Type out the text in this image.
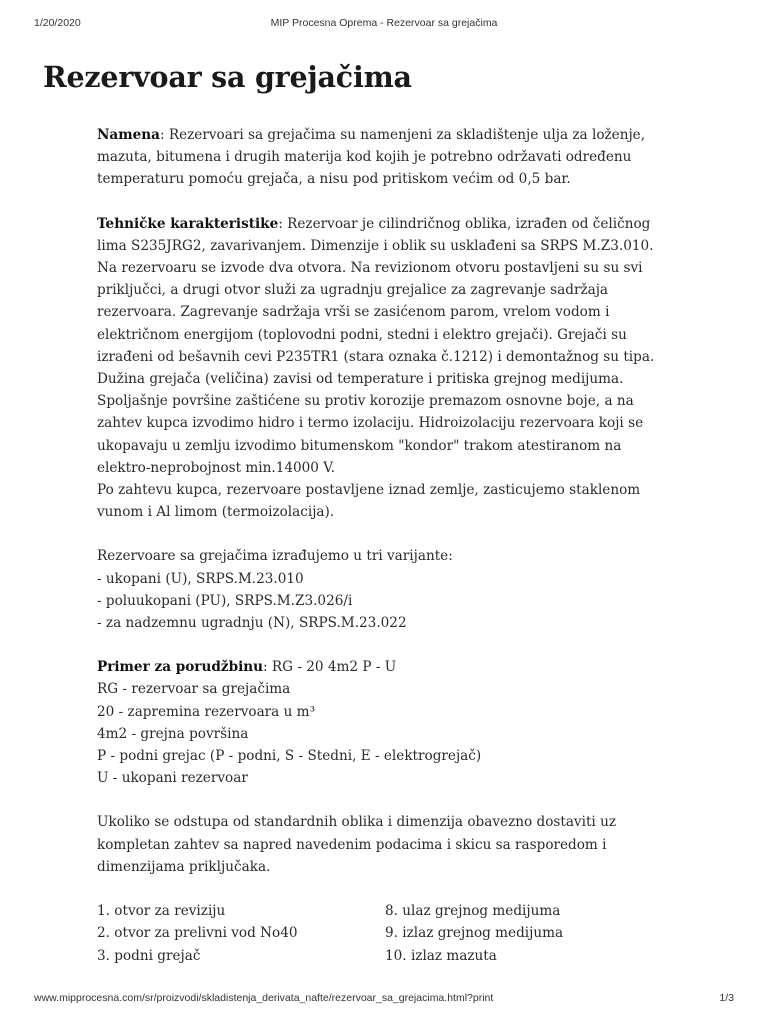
1/20/2020	MIP Procesna Oprema - Rezervoar sa grejačima
Rezervoar sa grejačima

Namena: Rezervoari sa grejačima su namenjeni za skladištenje ulja za loženje,
mazuta, bitumena i drugih materija kod kojih je potrebno održavati određenu
temperaturu pomoću grejača, a nisu pod pritiskom većim od 0,5 bar.

Tehničke karakteristike: Rezervoar je cilindričnog oblika, izrađen od čeličnog
lima S235JRG2, zavarivanjem. Dimenzije i oblik su usklađeni sa SRPS M.Z3.010.
Na rezervoaru se izvode dva otvora. Na revizionom otvoru postavljeni su su svi
priključci, a drugi otvor služi za ugradnju grejalice za zagrevanje sadržaja
rezervoara. Zagrevanje sadržaja vrši se zasićenom parom, vrelom vodom i
električnom energijom (toplovodni podni, stedni i elektro grejači). Grejači su
izrađeni od bešavnih cevi P235TR1 (stara oznaka č.1212) i demontažnog su tipa.
Dužina grejača (veličina) zavisi od temperature i pritiska grejnog medijuma.
Spoljašnje površine zaštićene su protiv korozije premazom osnovne boje, a na
zahtev kupca izvodimo hidro i termo izolaciju. Hidroizolaciju rezervoara koji se
ukopavaju u zemlju izvodimo bitumenskom "kondor" trakom atestiranom na
elektro-neprobojnost min.14000 V.
Po zahtevu kupca, rezervoare postavljene iznad zemlje, zasticujemo staklenom
vunom i Al limom (termoizolacija).

Rezervoare sa grejačima izrađujemo u tri varijante:
- ukopani (U), SRPS.M.23.010
- poluukopani (PU), SRPS.M.Z3.026/i
- za nadzemnu ugradnju (N), SRPS.M.23.022

Primer za porudžbinu: RG - 20 4m2 P - U
RG - rezervoar sa grejačima
20 - zapremina rezervoara u m³
4m2 - grejna površina
P - podni grejac (P - podni, S - Stedni, E - elektrogrejač)
U - ukopani rezervoar

Ukoliko se odstupa od standardnih oblika i dimenzija obavezno dostaviti uz
kompletan zahtev sa napred navedenim podacima i skicu sa rasporedom i
dimenzijama priključaka.

1. otvor za reviziju
2. otvor za prelivni vod No40
3. podni grejač
8. ulaz grejnog medijuma
9. izlaz grejnog medijuma
10. izlaz mazuta
www.mipprocesna.com/sr/proizvodi/skladistenja_derivata_nafte/rezervoar_sa_grejacima.html?print	1/3
